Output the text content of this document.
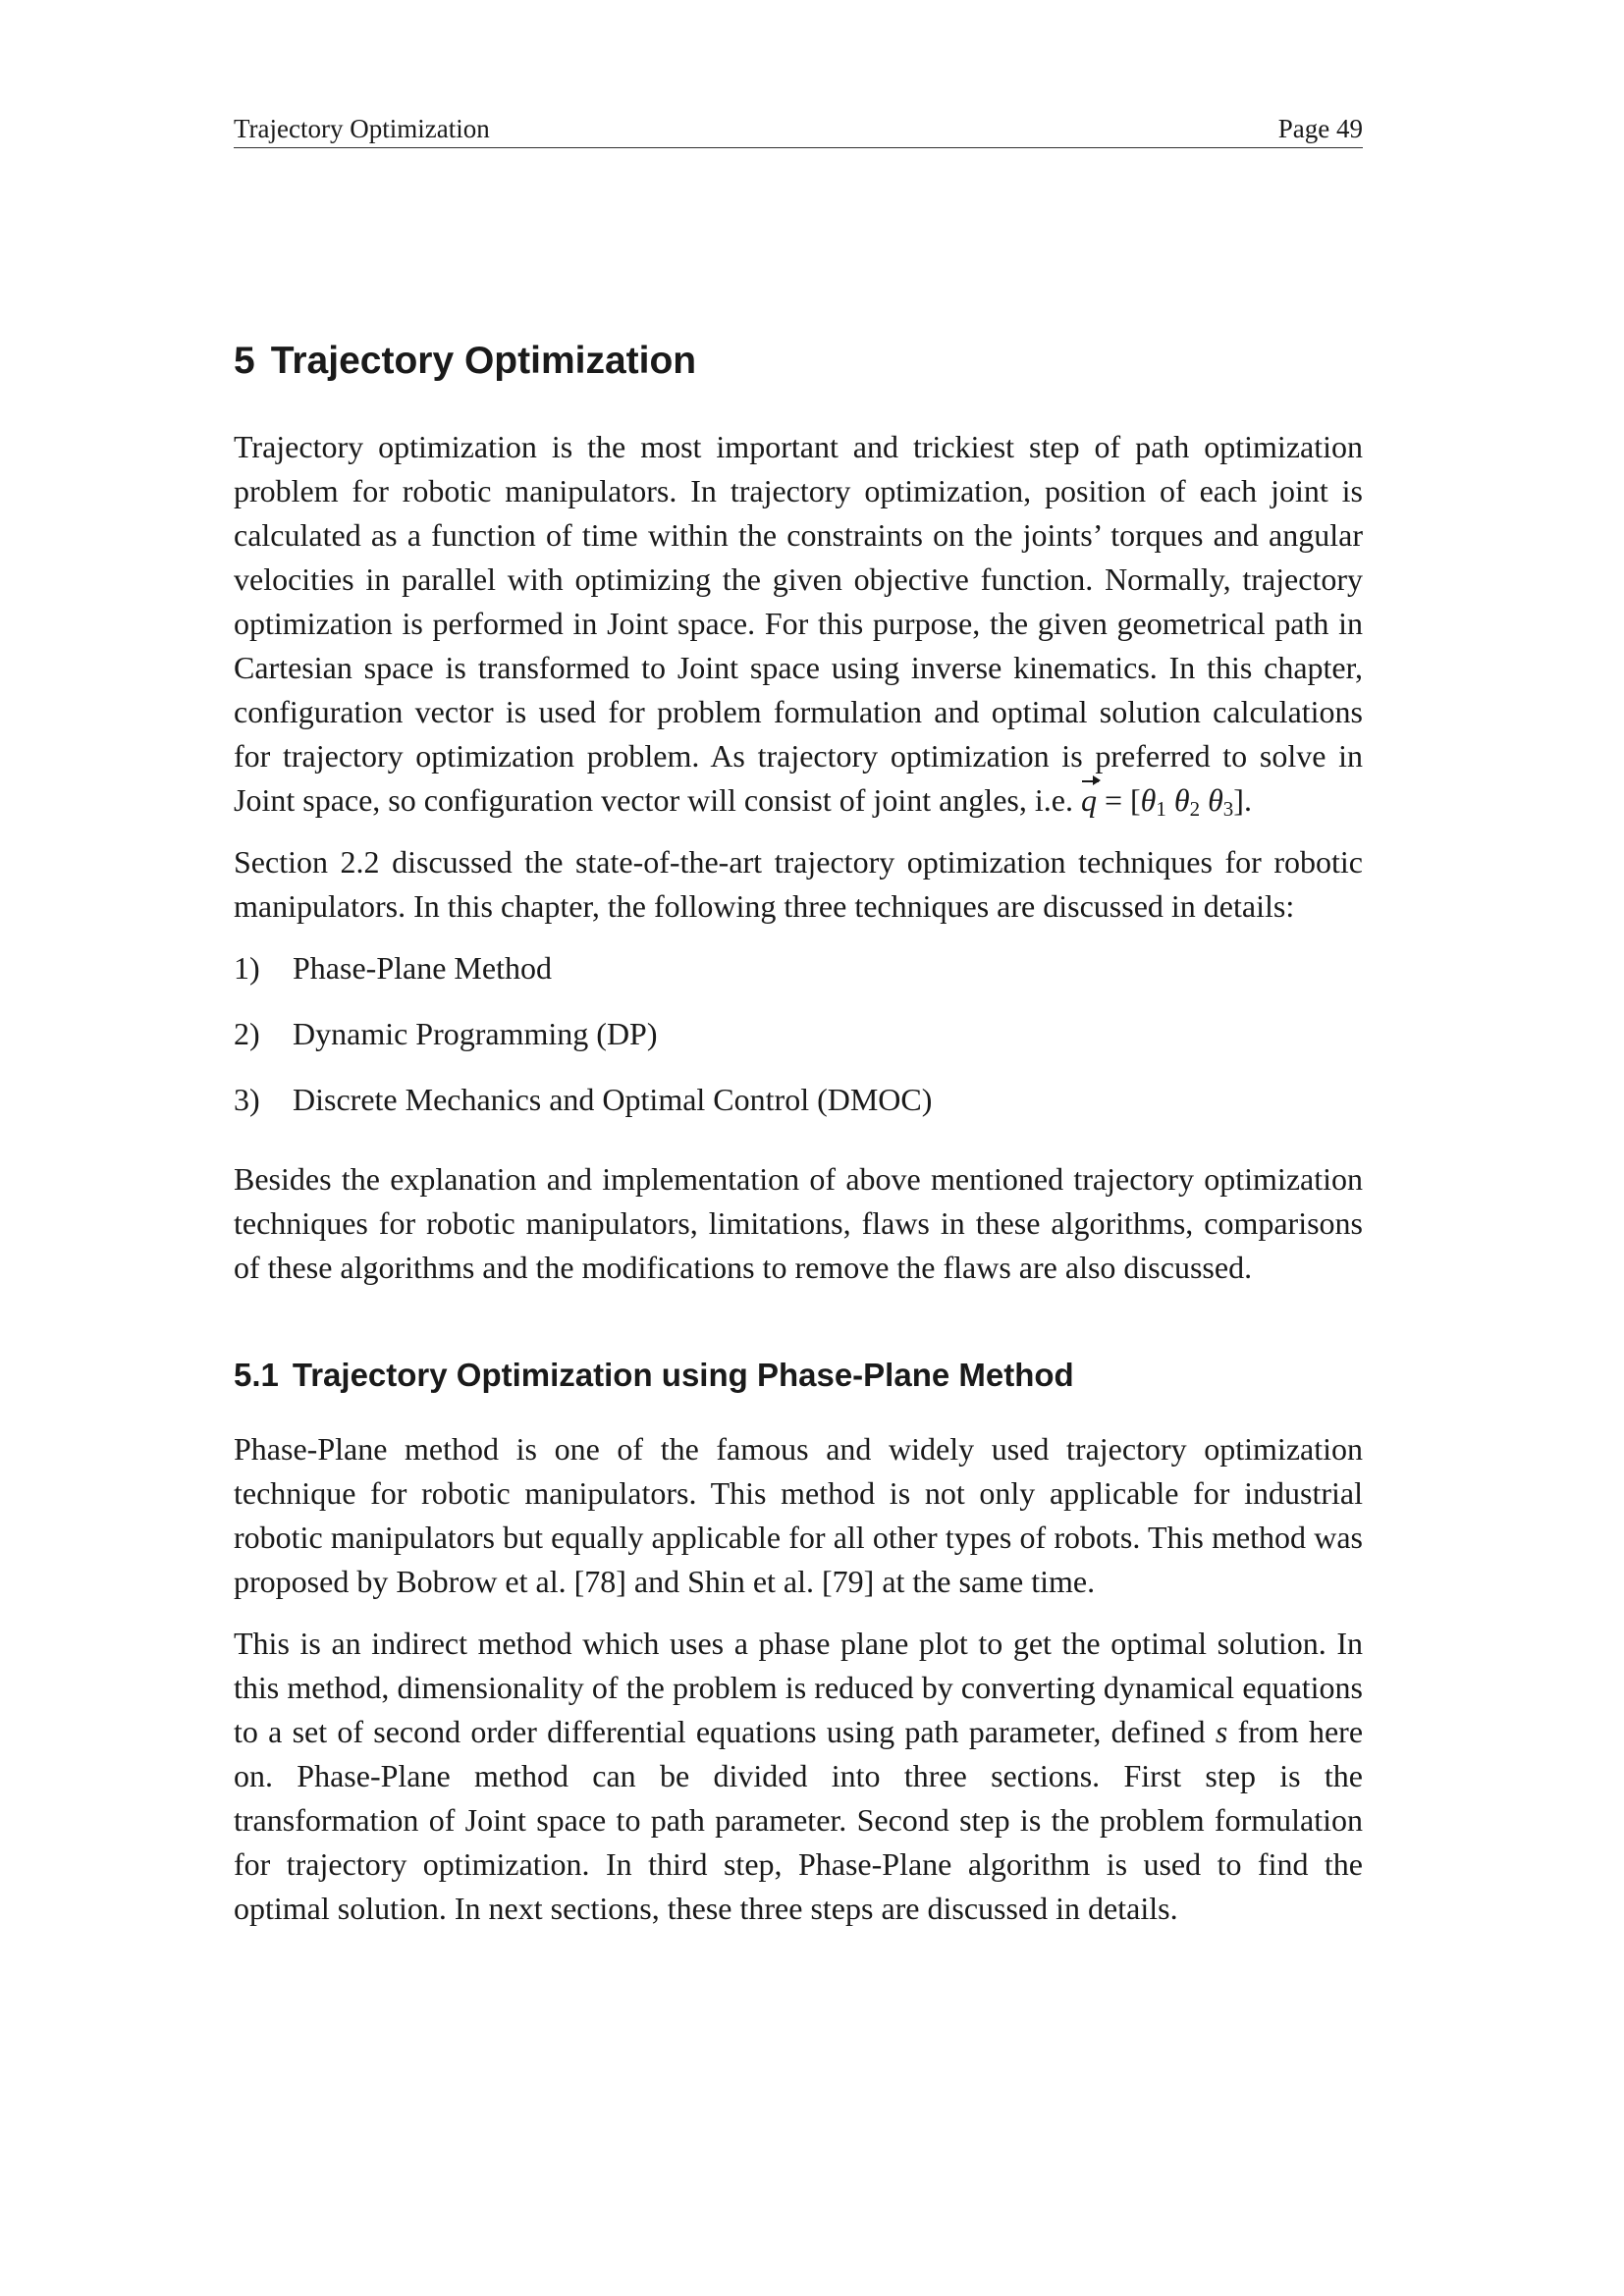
Trajectory Optimization	Page 49
5 Trajectory Optimization

Trajectory optimization is the most important and trickiest step of path optimization problem for robotic manipulators. In trajectory optimization, position of each joint is calculated as a function of time within the constraints on the joints’ torques and angular velocities in parallel with optimizing the given objective function. Normally, trajectory optimization is performed in Joint space. For this purpose, the given geometrical path in Cartesian space is transformed to Joint space using inverse kinematics. In this chapter, configuration vector is used for problem formulation and optimal solution calculations for trajectory optimization problem. As trajectory optimization is preferred to solve in Joint space, so configuration vector will consist of joint angles, i.e. $q = [\theta_1$ $\theta_2$ $\theta_3$].

Section 2.2 discussed the state-of-the-art trajectory optimization techniques for robotic manipulators. In this chapter, the following three techniques are discussed in details:

1)	Phase-Plane Method
2)	Dynamic Programming (DP)
3)	Discrete Mechanics and Optimal Control (DMOC)

Besides the explanation and implementation of above mentioned trajectory optimization techniques for robotic manipulators, limitations, flaws in these algorithms, comparisons of these algorithms and the modifications to remove the flaws are also discussed.

5.1 Trajectory Optimization using Phase-Plane Method

Phase-Plane method is one of the famous and widely used trajectory optimization technique for robotic manipulators. This method is not only applicable for industrial robotic manipulators but equally applicable for all other types of robots. This method was proposed by Bobrow et al. [78] and Shin et al. [79] at the same time.

This is an indirect method which uses a phase plane plot to get the optimal solution. In this method, dimensionality of the problem is reduced by converting dynamical equations to a set of second order differential equations using path parameter, defined s from here on. Phase-Plane method can be divided into three sections. First step is the transformation of Joint space to path parameter. Second step is the problem formulation for trajectory optimization. In third step, Phase-Plane algorithm is used to find the optimal solution. In next sections, these three steps are discussed in details.
